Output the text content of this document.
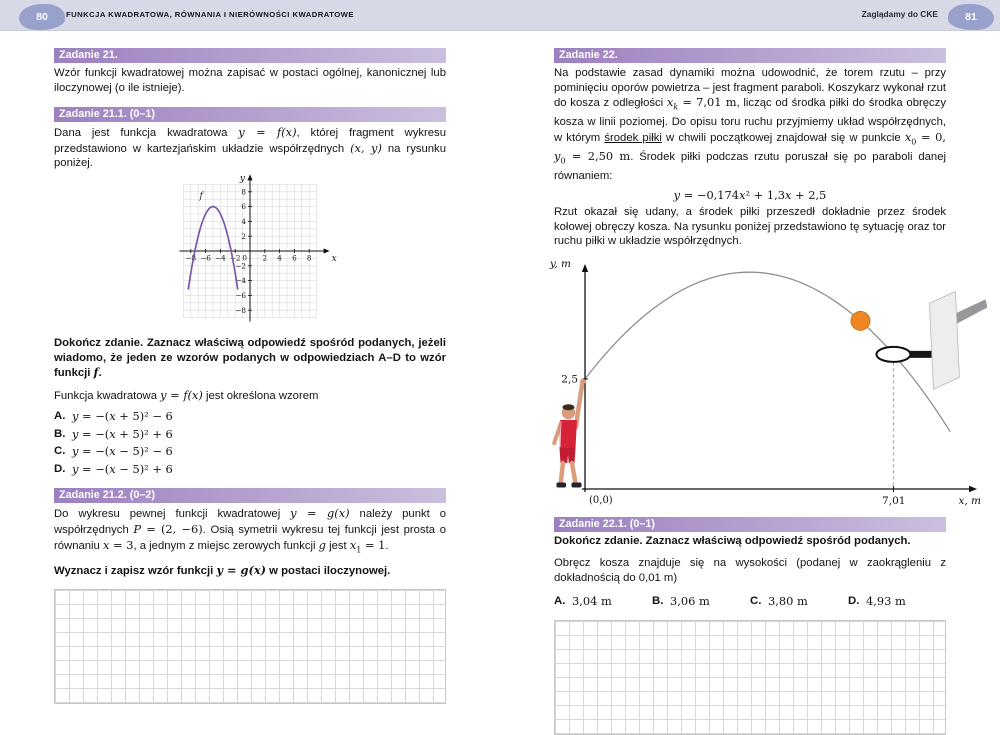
80	FUNKCJA KWADRATOWA, RÓWNANIA I NIERÓWNOŚCI KWADRATOWE	Zaglądamy do CKE	81
Zadanie 21.

Wzór funkcji kwadratowej można zapisać w postaci ogólnej, kanonicznej lub iloczynowej (o ile istnieje).

Zadanie 21.1. (0–1)

Dana jest funkcja kwadratowa y = f(x), której fragment wykresu przedstawiono w kartezjańskim układzie współrzędnych (x, y) na rysunku poniżej.

−8 −6 −4 −2	2 4 6 8
0
−8
−6
−4
−2
2
4
6
8
f
y
x

Dokończ zdanie. Zaznacz właściwą odpowiedź spośród podanych, jeżeli wiadomo, że jeden ze wzorów podanych w odpowiedziach A–D to wzór funkcji f.

Funkcja kwadratowa y = f(x) jest określona wzorem

A. y = −(x + 5)² − 6
B. y = −(x + 5)² + 6
C. y = −(x − 5)² − 6
D. y = −(x − 5)² + 6
Zadanie 21.2. (0–2)

Do wykresu pewnej funkcji kwadratowej y = g(x) należy punkt o współrzędnych P = (2, −6). Osią symetrii wykresu tej funkcji jest prosta o równaniu x = 3, a jednym z miejsc zerowych funkcji g jest $x_1 = 1$.

Wyznacz i zapisz wzór funkcji y = g(x) w postaci iloczynowej.

Zadanie 22.

Na podstawie zasad dynamiki można udowodnić, że torem rzutu – przy pominięciu oporów powietrza – jest fragment paraboli. Koszykarz wykonał rzut do kosza z odległości $x_k = 7,01$ m, licząc od środka piłki do środka obręczy kosza w linii poziomej. Do opisu toru ruchu przyjmiemy układ współrzędnych, w którym środek piłki w chwili początkowej znajdował się w punkcie $x_0 = 0$, $y_0 = 2,50$ m. Środek piłki podczas rzutu poruszał się po paraboli danej równaniem:

y = −0,174x² + 1,3x + 2,5

Rzut okazał się udany, a środek piłki przeszedł dokładnie przez środek kołowej obręczy kosza. Na rysunku poniżej przedstawiono tę sytuację oraz tor ruchu piłki w układzie współrzędnych.

y, m
x, m
(0,0)	7,01
2,5
Zadanie 22.1. (0–1)

Dokończ zdanie. Zaznacz właściwą odpowiedź spośród podanych.

Obręcz kosza znajduje się na wysokości (podanej w zaokrągleniu z dokładnością do 0,01 m)

A. 3,04 m	B. 3,06 m	C. 3,80 m	D. 4,93 m
